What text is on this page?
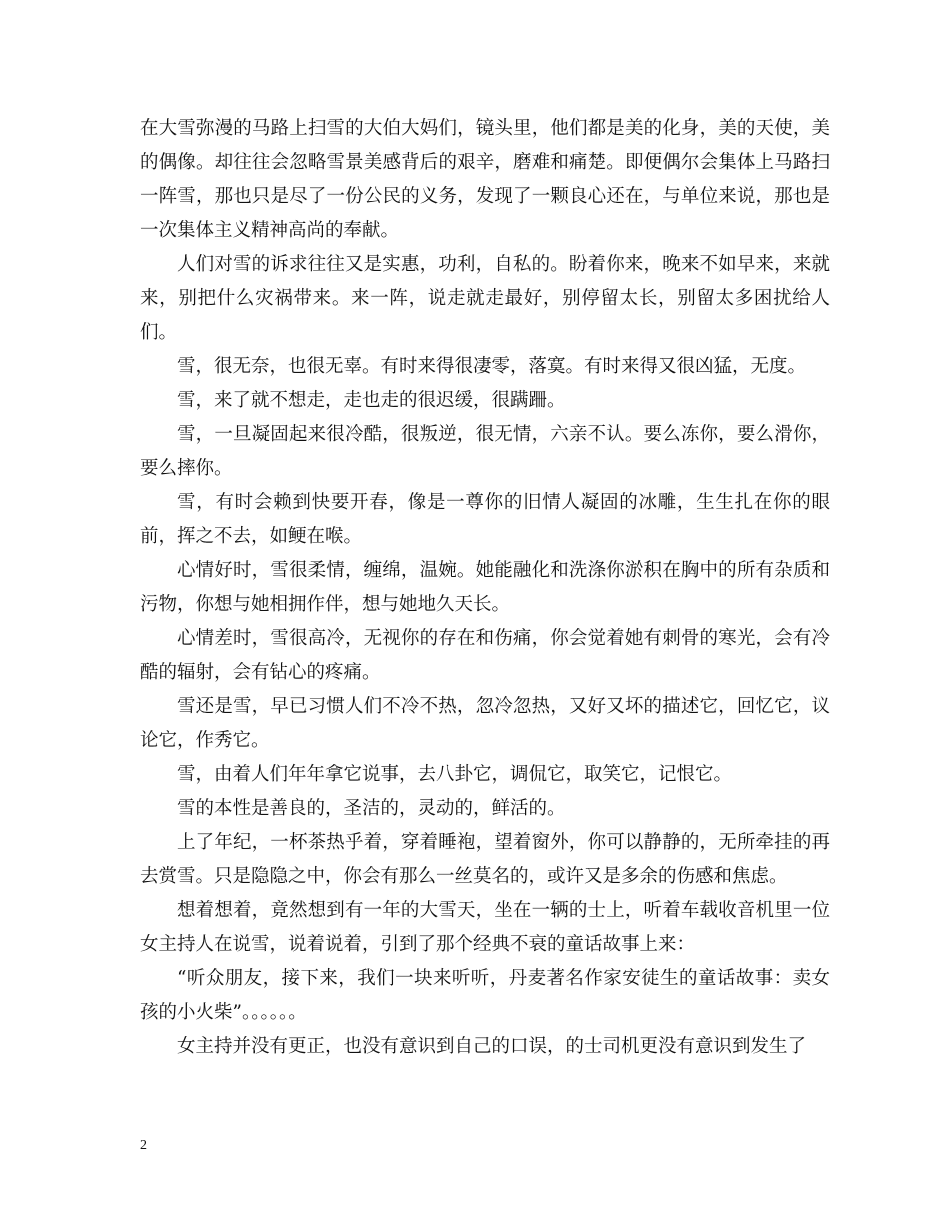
在大雪弥漫的马路上扫雪的大伯大妈们，镜头里，他们都是美的化身，美的天使，美的偶像。却往往会忽略雪景美感背后的艰辛，磨难和痛楚。即便偶尔会集体上马路扫一阵雪，那也只是尽了一份公民的义务，发现了一颗良心还在，与单位来说，那也是一次集体主义精神高尚的奉献。

人们对雪的诉求往往又是实惠，功利，自私的。盼着你来，晚来不如早来，来就来，别把什么灾祸带来。来一阵，说走就走最好，别停留太长，别留太多困扰给人们。

雪，很无奈，也很无辜。有时来得很凄零，落寞。有时来得又很凶猛，无度。

雪，来了就不想走，走也走的很迟缓，很蹒跚。

雪，一旦凝固起来很冷酷，很叛逆，很无情，六亲不认。要么冻你，要么滑你，要么摔你。

雪，有时会赖到快要开春，像是一尊你的旧情人凝固的冰雕，生生扎在你的眼前，挥之不去，如鲠在喉。

心情好时，雪很柔情，缠绵，温婉。她能融化和洗涤你淤积在胸中的所有杂质和污物，你想与她相拥作伴，想与她地久天长。

心情差时，雪很高冷，无视你的存在和伤痛，你会觉着她有刺骨的寒光，会有冷酷的辐射，会有钻心的疼痛。

雪还是雪，早已习惯人们不冷不热，忽冷忽热，又好又坏的描述它，回忆它，议论它，作秀它。

雪，由着人们年年拿它说事，去八卦它，调侃它，取笑它，记恨它。

雪的本性是善良的，圣洁的，灵动的，鲜活的。

上了年纪，一杯茶热乎着，穿着睡袍，望着窗外，你可以静静的，无所牵挂的再去赏雪。只是隐隐之中，你会有那么一丝莫名的，或许又是多余的伤感和焦虑。

想着想着，竟然想到有一年的大雪天，坐在一辆的士上，听着车载收音机里一位女主持人在说雪，说着说着，引到了那个经典不衰的童话故事上来：

“听众朋友，接下来，我们一块来听听，丹麦著名作家安徒生的童话故事：卖女孩的小火柴”。。。。。。

女主持并没有更正，也没有意识到自己的口误，的士司机更没有意识到发生了

2
